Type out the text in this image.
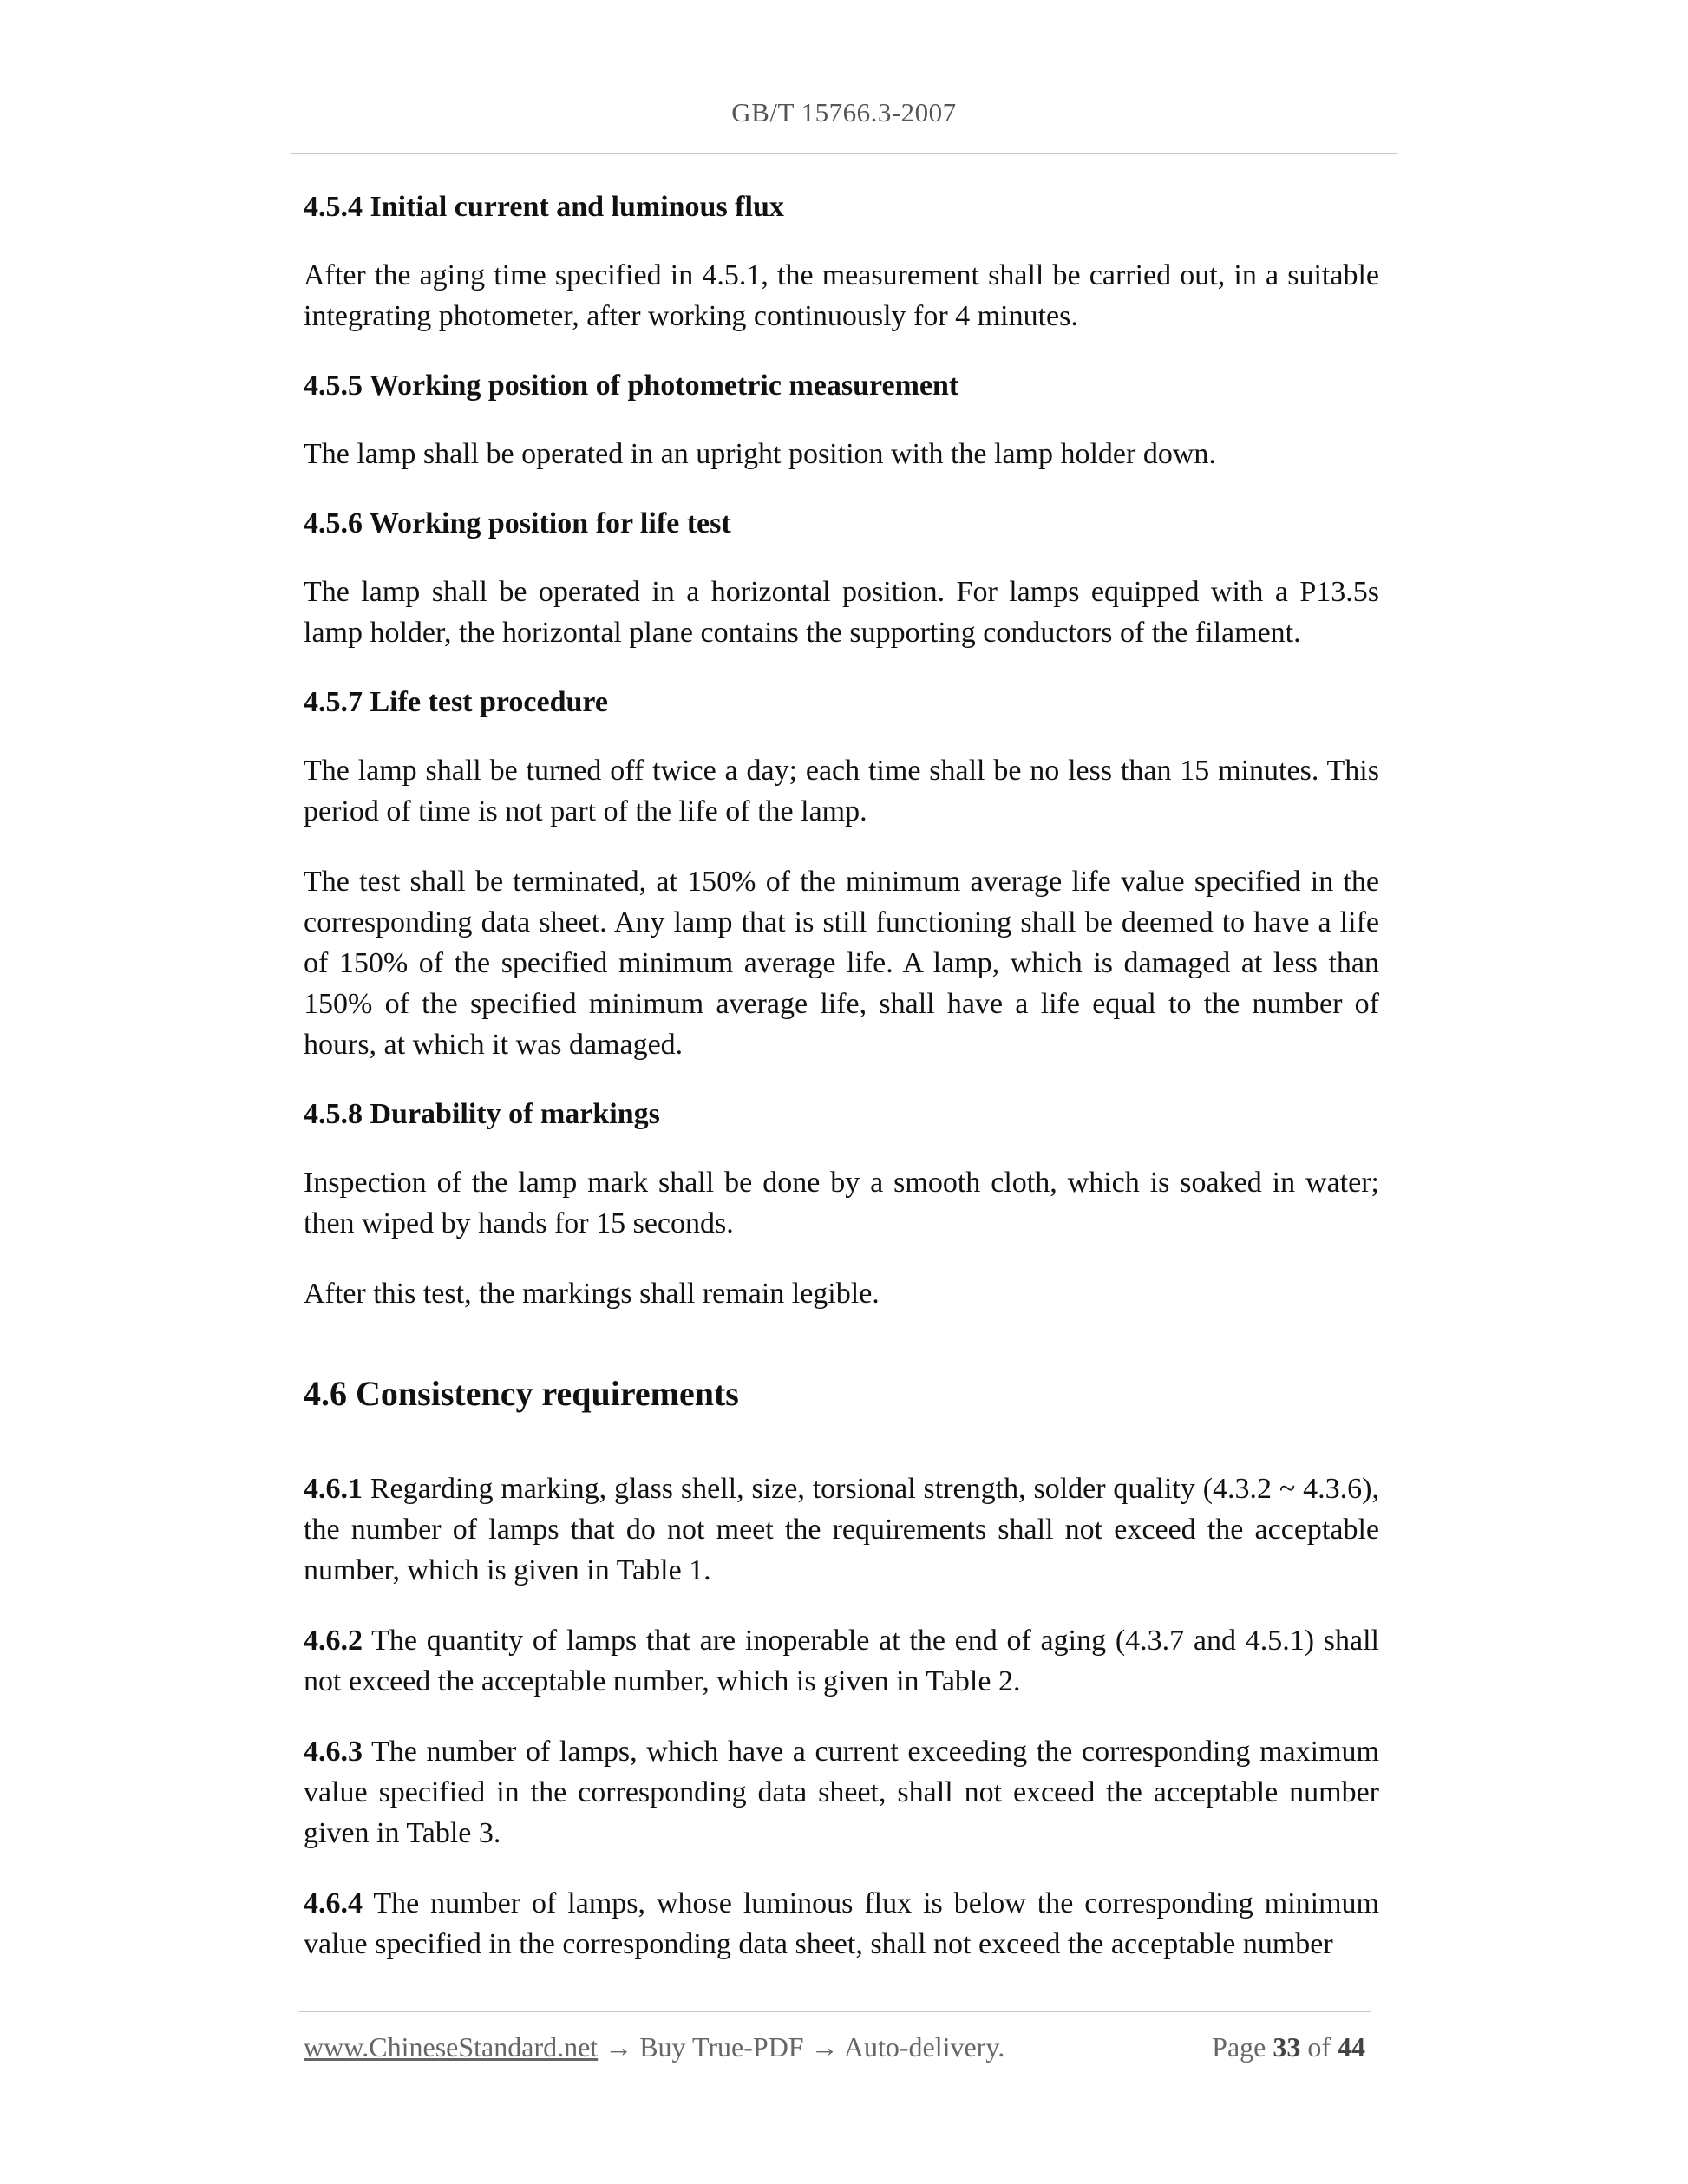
GB/T 15766.3-2007
4.5.4 Initial current and luminous flux

After the aging time specified in 4.5.1, the measurement shall be carried out, in a suitable integrating photometer, after working continuously for 4 minutes.

4.5.5 Working position of photometric measurement

The lamp shall be operated in an upright position with the lamp holder down.

4.5.6 Working position for life test

The lamp shall be operated in a horizontal position. For lamps equipped with a P13.5s lamp holder, the horizontal plane contains the supporting conductors of the filament.

4.5.7 Life test procedure

The lamp shall be turned off twice a day; each time shall be no less than 15 minutes. This period of time is not part of the life of the lamp.

The test shall be terminated, at 150% of the minimum average life value specified in the corresponding data sheet. Any lamp that is still functioning shall be deemed to have a life of 150% of the specified minimum average life. A lamp, which is damaged at less than 150% of the specified minimum average life, shall have a life equal to the number of hours, at which it was damaged.

4.5.8 Durability of markings

Inspection of the lamp mark shall be done by a smooth cloth, which is soaked in water; then wiped by hands for 15 seconds.

After this test, the markings shall remain legible.

4.6 Consistency requirements

4.6.1 Regarding marking, glass shell, size, torsional strength, solder quality (4.3.2 ~ 4.3.6), the number of lamps that do not meet the requirements shall not exceed the acceptable number, which is given in Table 1.

4.6.2 The quantity of lamps that are inoperable at the end of aging (4.3.7 and 4.5.1) shall not exceed the acceptable number, which is given in Table 2.

4.6.3 The number of lamps, which have a current exceeding the corresponding maximum value specified in the corresponding data sheet, shall not exceed the acceptable number given in Table 3.

4.6.4 The number of lamps, whose luminous flux is below the corresponding minimum value specified in the corresponding data sheet, shall not exceed the acceptable number

www.ChineseStandard.net → Buy True-PDF → Auto-delivery.	Page 33 of 44
